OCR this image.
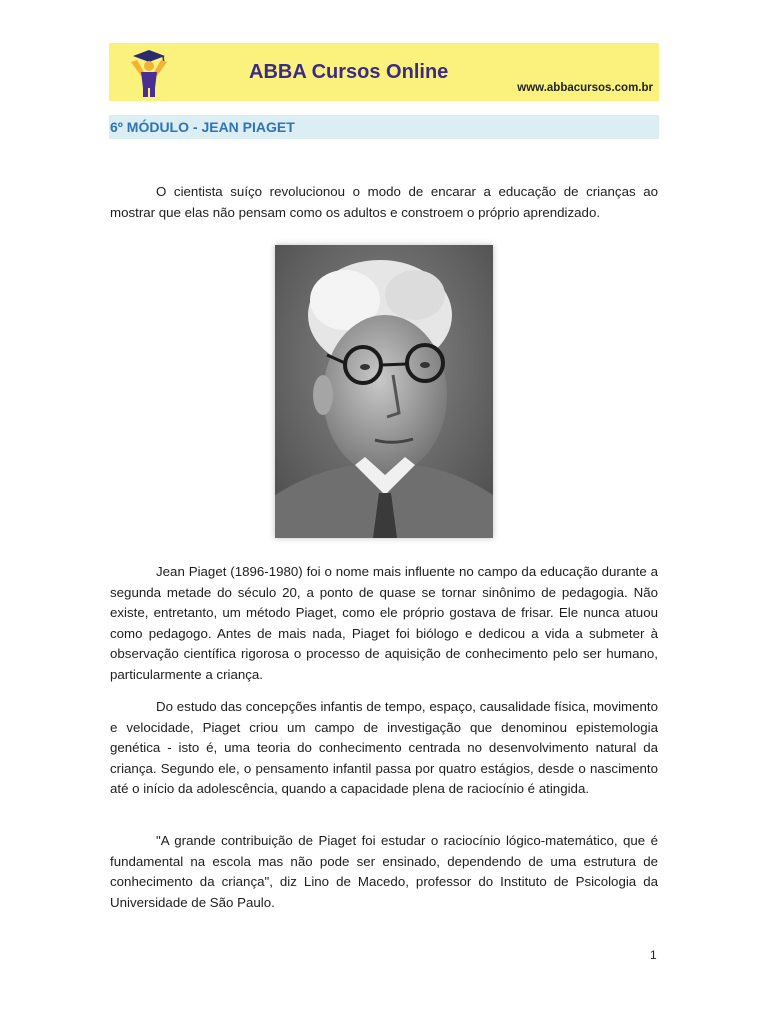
ABBA Cursos Online
www.abbacursos.com.br
6º MÓDULO - JEAN PIAGET

O cientista suíço revolucionou o modo de encarar a educação de crianças ao mostrar que elas não pensam como os adultos e constroem o próprio aprendizado.

Jean Piaget (1896-1980) foi o nome mais influente no campo da educação durante a segunda metade do século 20, a ponto de quase se tornar sinônimo de pedagogia. Não existe, entretanto, um método Piaget, como ele próprio gostava de frisar. Ele nunca atuou como pedagogo. Antes de mais nada, Piaget foi biólogo e dedicou a vida a submeter à observação científica rigorosa o processo de aquisição de conhecimento pelo ser humano, particularmente a criança.

Do estudo das concepções infantis de tempo, espaço, causalidade física, movimento e velocidade, Piaget criou um campo de investigação que denominou epistemologia genética - isto é, uma teoria do conhecimento centrada no desenvolvimento natural da criança. Segundo ele, o pensamento infantil passa por quatro estágios, desde o nascimento até o início da adolescência, quando a capacidade plena de raciocínio é atingida.

"A grande contribuição de Piaget foi estudar o raciocínio lógico-matemático, que é fundamental na escola mas não pode ser ensinado, dependendo de uma estrutura de conhecimento da criança", diz Lino de Macedo, professor do Instituto de Psicologia da Universidade de São Paulo.

1
